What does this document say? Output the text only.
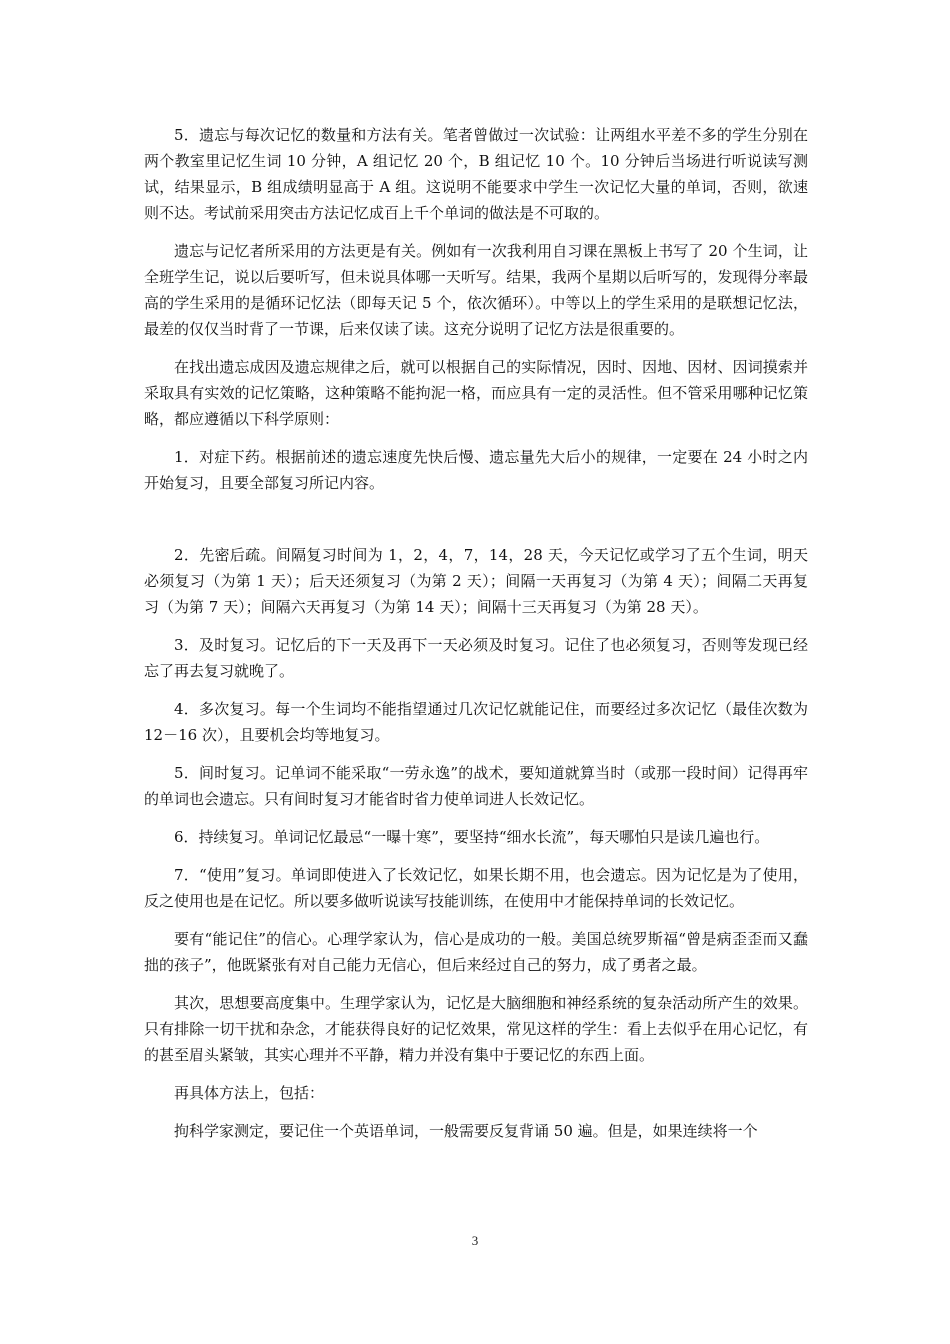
5．遗忘与每次记忆的数量和方法有关。笔者曾做过一次试验：让两组水平差不多的学生分别在两个教室里记忆生词 10 分钟，A 组记忆 20 个，B 组记忆 10 个。10 分钟后当场进行听说读写测试，结果显示，B 组成绩明显高于 A 组。这说明不能要求中学生一次记忆大量的单词，否则，欲速则不达。考试前采用突击方法记忆成百上千个单词的做法是不可取的。

遗忘与记忆者所采用的方法更是有关。例如有一次我利用自习课在黑板上书写了 20 个生词，让全班学生记，说以后要听写，但未说具体哪一天听写。结果，我两个星期以后听写的，发现得分率最高的学生采用的是循环记忆法（即每天记 5 个，依次循环）。中等以上的学生采用的是联想记忆法，最差的仅仅当时背了一节课，后来仅读了读。这充分说明了记忆方法是很重要的。

在找出遗忘成因及遗忘规律之后，就可以根据自己的实际情况，因时、因地、因材、因词摸索并采取具有实效的记忆策略，这种策略不能拘泥一格，而应具有一定的灵活性。但不管采用哪种记忆策略，都应遵循以下科学原则：

1．对症下药。根据前述的遗忘速度先快后慢、遗忘量先大后小的规律，一定要在 24 小时之内开始复习，且要全部复习所记内容。

2．先密后疏。间隔复习时间为 1，2，4，7，14，28 天，今天记忆或学习了五个生词，明天必须复习（为第 1 天）；后天还须复习（为第 2 天）；间隔一天再复习（为第 4 天）；间隔二天再复习（为第 7 天）；间隔六天再复习（为第 14 天）；间隔十三天再复习（为第 28 天）。

3．及时复习。记忆后的下一天及再下一天必须及时复习。记住了也必须复习，否则等发现已经忘了再去复习就晚了。

4．多次复习。每一个生词均不能指望通过几次记忆就能记住，而要经过多次记忆（最佳次数为 12－16 次），且要机会均等地复习。

5．间时复习。记单词不能采取“一劳永逸”的战术，要知道就算当时（或那一段时间）记得再牢的单词也会遗忘。只有间时复习才能省时省力使单词进人长效记忆。

6．持续复习。单词记忆最忌“一曝十寒”，要坚持“细水长流”，每天哪怕只是读几遍也行。

7．“使用”复习。单词即使进入了长效记忆，如果长期不用，也会遗忘。因为记忆是为了使用，反之使用也是在记忆。所以要多做听说读写技能训练，在使用中才能保持单词的长效记忆。

要有“能记住”的信心。心理学家认为，信心是成功的一般。美国总统罗斯福“曾是病歪歪而又蠢拙的孩子”，他既紧张有对自己能力无信心，但后来经过自己的努力，成了勇者之最。

其次，思想要高度集中。生理学家认为，记忆是大脑细胞和神经系统的复杂活动所产生的效果。只有排除一切干扰和杂念，才能获得良好的记忆效果，常见这样的学生：看上去似乎在用心记忆，有的甚至眉头紧皱，其实心理并不平静，精力并没有集中于要记忆的东西上面。

再具体方法上，包括：

拘科学家测定，要记住一个英语单词，一般需要反复背诵 50 遍。但是，如果连续将一个

3
